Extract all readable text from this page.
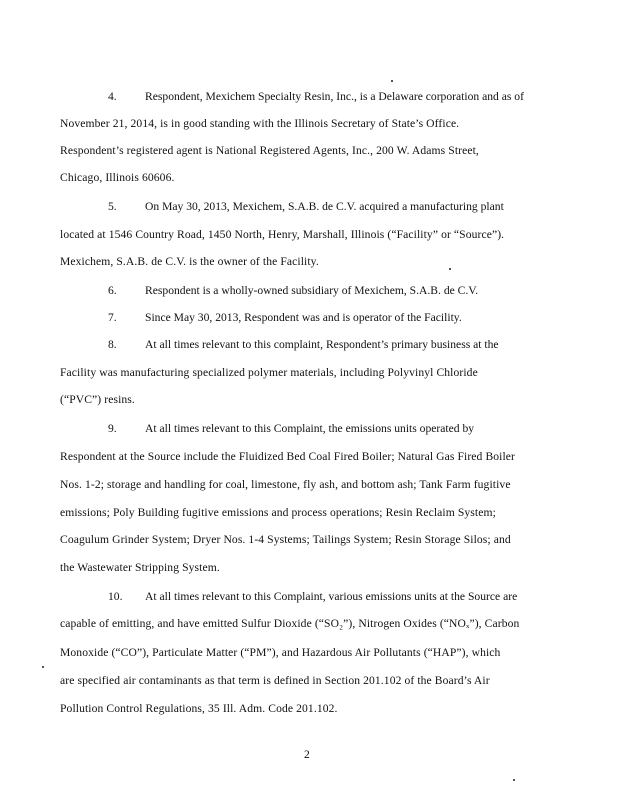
4. Respondent, Mexichem Specialty Resin, Inc., is a Delaware corporation and as of
November 21, 2014, is in good standing with the Illinois Secretary of State’s Office.
Respondent’s registered agent is National Registered Agents, Inc., 200 W. Adams Street,
Chicago, Illinois 60606.
5. On May 30, 2013, Mexichem, S.A.B. de C.V. acquired a manufacturing plant
located at 1546 Country Road, 1450 North, Henry, Marshall, Illinois (“Facility” or “Source”).
Mexichem, S.A.B. de C.V. is the owner of the Facility.
6. Respondent is a wholly-owned subsidiary of Mexichem, S.A.B. de C.V.
7. Since May 30, 2013, Respondent was and is operator of the Facility.
8. At all times relevant to this complaint, Respondent’s primary business at the
Facility was manufacturing specialized polymer materials, including Polyvinyl Chloride
(“PVC”) resins.
9. At all times relevant to this Complaint, the emissions units operated by
Respondent at the Source include the Fluidized Bed Coal Fired Boiler; Natural Gas Fired Boiler
Nos. 1-2; storage and handling for coal, limestone, fly ash, and bottom ash; Tank Farm fugitive
emissions; Poly Building fugitive emissions and process operations; Resin Reclaim System;
Coagulum Grinder System; Dryer Nos. 1-4 Systems; Tailings System; Resin Storage Silos; and
the Wastewater Stripping System.
10. At all times relevant to this Complaint, various emissions units at the Source are
capable of emitting, and have emitted Sulfur Dioxide (“SO₂”), Nitrogen Oxides (“NOₓ”), Carbon
Monoxide (“CO”), Particulate Matter (“PM”), and Hazardous Air Pollutants (“HAP”), which
are specified air contaminants as that term is defined in Section 201.102 of the Board’s Air
Pollution Control Regulations, 35 Ill. Adm. Code 201.102.
2
